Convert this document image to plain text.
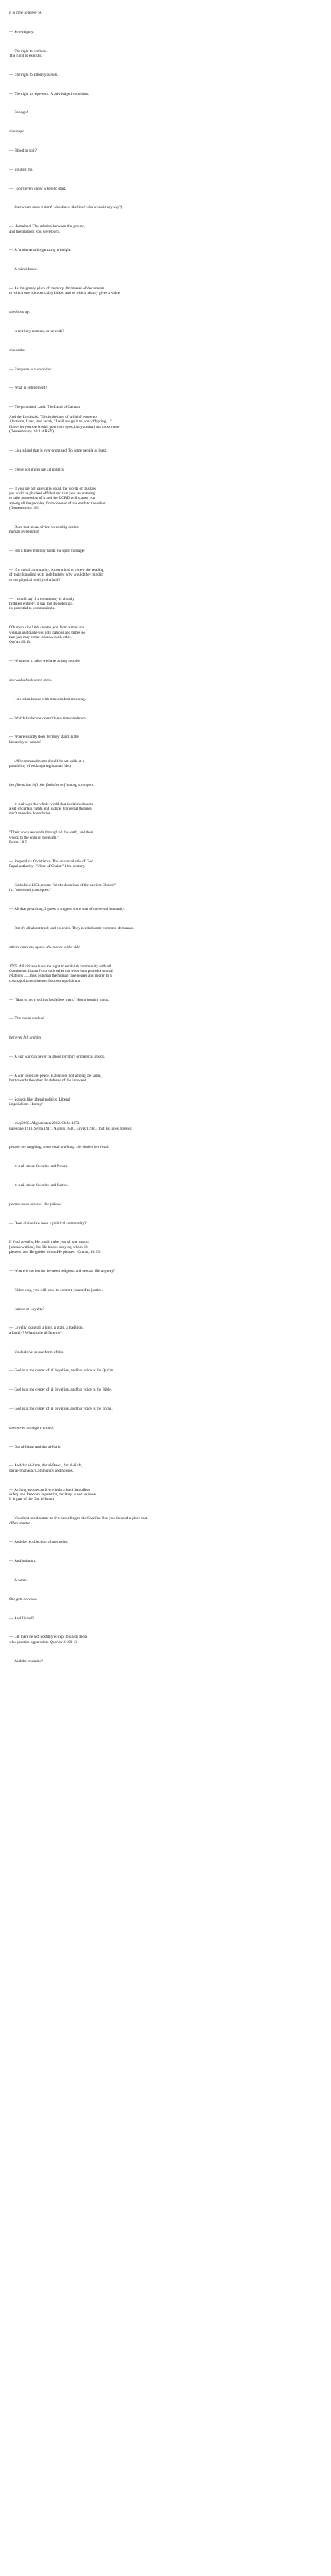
It is time to move on.

— Sovereignty.

— The right to exclude.
The right to execute.

— The right to attach yourself.

— The right to represent. A priviledged condition.

— Enough!

she stops.

— Blood or soil?

— You tell me.

— I don't even know where to start.

— (but where does it start? who draws the line? who owns it anyway?)

— Homeland. The relation between the ground,
and the moment you were born.

— A fundamental organizing principle.

— A coincidence.

— An imaginary place of memory. Or masses of documents
to which one is inextricably linked and to which history gives a voice.

she looks up.

— Is territory a means or an ends?

she smiles.

— Everyone is a colonizer.

— What is entitlement?

— The promised Land. The Land of Canaan.

And the Lord said: This is the land of which I swore to
Abraham, Isaac, and Jacob, "I will assign it to your offspring...."
I have let you see it with your own eyes, but you shall not cross there.
(Deuteronomy 34:1-4 RSV)

— Like a land that is ever-promised. To some people at least.

— These scriptures are all politics.

— If you are not careful to do all the words of this law
you shall be plucked off the land that you are entering
to take possession of it and the LORD will scatter you
among all the peoples, from one end of the earth to the other…
(Deuteronomy 28)

— Does that mean divine ownership denies
human ownership?

— But a fixed territory holds the spirit hostage!

— If a moral community, is commited to renew the reading
of their founding texts indefinitely, why would they bind it
to the physical reality of a land?

— I would say if a community is already
fulfilled entirely, it has lost its potential,
its potential to communicate.

O'human kind! We created you from a man and
woman and made you into nations and tribes so
that you may come to know each other.
Qur'an 49:13.

— Whatever it takes we have to stay mobile.

she walks back some steps.

— I see a landscape with transcendent meaning.

— Which landscape doesn't have transcendence.

— Where exactly does territory stand in the
hierarchy of values?

— (All commandments should be set aside at a
possibility of endangering human life.)

her friend has left. she finds herself among strangers.

— It is always the whole world that is claimed under
a set of certain rights and justice. Universal theories
don't attend to boundaries.

"Their voice resounds through all the earth, and their
words to the ends of the earth."
Psalm 18.5

— Respublica Christiania. The universal rule of God.
Papal authority! "Vicar of Christ." 12th century.

— Catholic c.1350, means "of the doctrines of the ancient Church"
lit. "universally accepted."

— All that preaching. I guess it suggest some sort of universal humanity.

— But it's all about trade and colonies. They needed some common demeanor.

others enter the space. she moves to the side.

1795. All citizens have the right to establish community with all.
Continents distant from each other can enter into peaceful mutual
relations ......thus bringing the human race nearer and nearer to a
cosmopolitan existence. Ius cosmopoliticum.

— "Man is not a wolf to his fellow men." Homo homini lupus.

— That never worked.

her eyes fall on him.

— A just war can never be about territory or material goods.

— A war to secure peace. Extension, not among the same,
but towards the other. In defense of the innocent.

— Sounds like liberal politics. Liberal
imperialism. Hurray!

— Iraq 2005. Afghanistan 2002. Chile 1973.
Palestine 1918. Syria 1917. Algiers 1830. Egypt 1798... that list goes forever.

people are laughing, some loud and long. she shakes her head.

— It is all about Security and Power.

— It is all about Security and Justice.

people move around. she follows.

— Does divine law need a political community?

If God so wills, He could make you all one nation
[umma wahida], but He leaves straying whom He
pleases, and He guides whom He pleases. (Qur'an, 16:93)

— Where is the border between religious and secular life anyway?

— Either way, you will have to commit yourself to justice.

— Justice or Loyalty?

— Loyalty to a god, a king, a state, a tradition,
a family? What is the difference?

— You believe in one form of life.

— God is at the center of all loyalties, and his voice is the Qur'an.

— God is at the center of all loyalties, and his voice is the Bible.

— God is at the center of all loyalties, and his voice is the Torah.

she moves through a crowd.

— Dar al-Islam and dar al-Harb.

— And dar al-Amn, dar al-Dawa, dar al-Kufr,
dar al-Shahada. Community and houses.

— As long as one can live within a land that offers
safety and freedom to practice, territory is not an issue.
It is part of the Dar al-Islam.

— You don't need a state to live according to the Shari'aa. But you do need a place that
offers shelter.

— And the recollection of memories.

— And intimacy.

— A home.

She gets nervous.

— And Jihaad?

— Let there be not hostility except towards those
who practice oppression. Quar'an 2:190 -3

— And the crusades?
